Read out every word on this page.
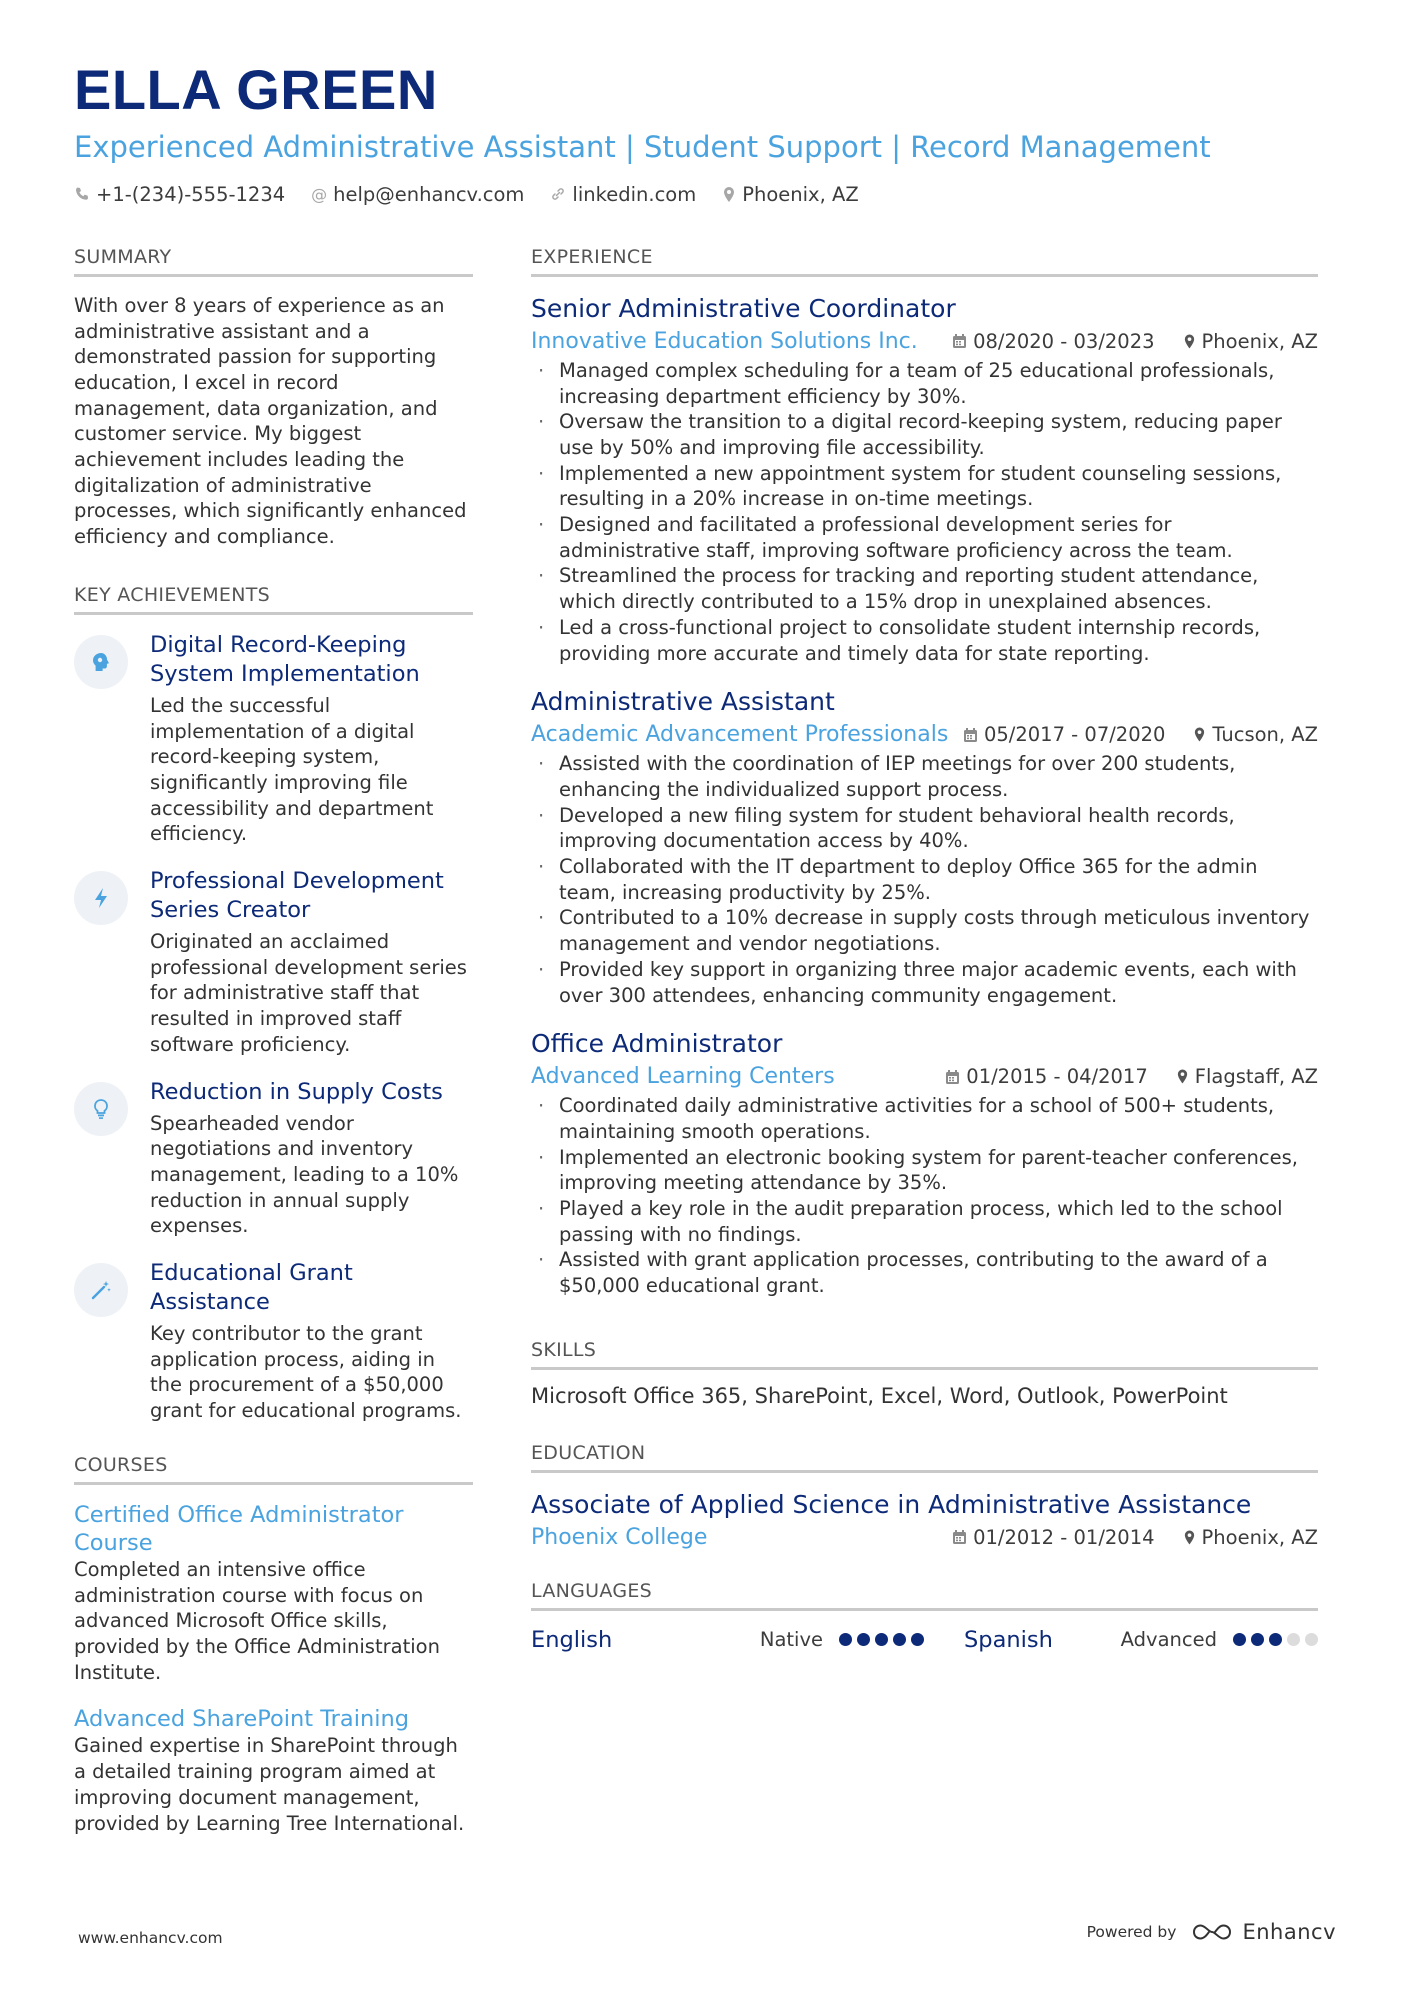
ELLA GREEN
Experienced Administrative Assistant | Student Support | Record Management
+1-(234)-555-1234 @ help@enhancv.com linkedin.com Phoenix, AZ
SUMMARY
With over 8 years of experience as an administrative assistant and a demonstrated passion for supporting education, I excel in record management, data organization, and customer service. My biggest achievement includes leading the digitalization of administrative processes, which significantly enhanced efficiency and compliance.
KEY ACHIEVEMENTS
Digital Record-Keeping System Implementation
Led the successful implementation of a digital record-keeping system, significantly improving file accessibility and department efficiency.
Professional Development Series Creator
Originated an acclaimed professional development series for administrative staff that resulted in improved staff software proficiency.
Reduction in Supply Costs
Spearheaded vendor negotiations and inventory management, leading to a 10% reduction in annual supply expenses.
Educational Grant Assistance
Key contributor to the grant application process, aiding in the procurement of a $50,000 grant for educational programs.
COURSES
Certified Office Administrator Course
Completed an intensive office administration course with focus on advanced Microsoft Office skills, provided by the Office Administration Institute.
Advanced SharePoint Training
Gained expertise in SharePoint through a detailed training program aimed at improving document management, provided by Learning Tree International.
EXPERIENCE
Senior Administrative Coordinator
Innovative Education Solutions Inc.	08/2020 - 03/2023 Phoenix, AZ
· Managed complex scheduling for a team of 25 educational professionals, increasing department efficiency by 30%.
· Oversaw the transition to a digital record-keeping system, reducing paper use by 50% and improving file accessibility.
· Implemented a new appointment system for student counseling sessions, resulting in a 20% increase in on-time meetings.
· Designed and facilitated a professional development series for administrative staff, improving software proficiency across the team.
· Streamlined the process for tracking and reporting student attendance, which directly contributed to a 15% drop in unexplained absences.
· Led a cross-functional project to consolidate student internship records, providing more accurate and timely data for state reporting.
Administrative Assistant
Academic Advancement Professionals	05/2017 - 07/2020 Tucson, AZ
· Assisted with the coordination of IEP meetings for over 200 students, enhancing the individualized support process.
· Developed a new filing system for student behavioral health records, improving documentation access by 40%.
· Collaborated with the IT department to deploy Office 365 for the admin team, increasing productivity by 25%.
· Contributed to a 10% decrease in supply costs through meticulous inventory management and vendor negotiations.
· Provided key support in organizing three major academic events, each with over 300 attendees, enhancing community engagement.
Office Administrator
Advanced Learning Centers	01/2015 - 04/2017 Flagstaff, AZ
· Coordinated daily administrative activities for a school of 500+ students, maintaining smooth operations.
· Implemented an electronic booking system for parent-teacher conferences, improving meeting attendance by 35%.
· Played a key role in the audit preparation process, which led to the school passing with no findings.
· Assisted with grant application processes, contributing to the award of a $50,000 educational grant.
SKILLS
Microsoft Office 365, SharePoint, Excel, Word, Outlook, PowerPoint
EDUCATION
Associate of Applied Science in Administrative Assistance
Phoenix College	01/2012 - 01/2014 Phoenix, AZ
LANGUAGES
English	Native	Spanish	Advanced
www.enhancv.com	Powered by	Enhancv
